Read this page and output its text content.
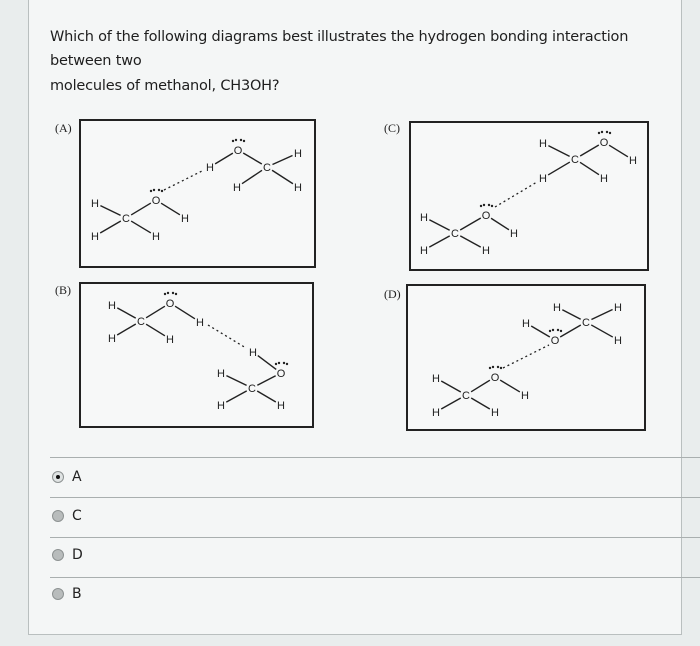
Which of the following diagrams best illustrates the hydrogen bonding interaction
between two
molecules of methanol, CH3OH?
(A)	(C)
(B)	(D)
O
H	C
H
H	H
O
H
C	H
H	H
H
C
O
H
H	H
O
H
C	H
H	H
H	O
C	H
H	H
H
O
H
C
H	H
H	H
C
H
O	H
O
H
C	H
H	H
A
C
D
B
